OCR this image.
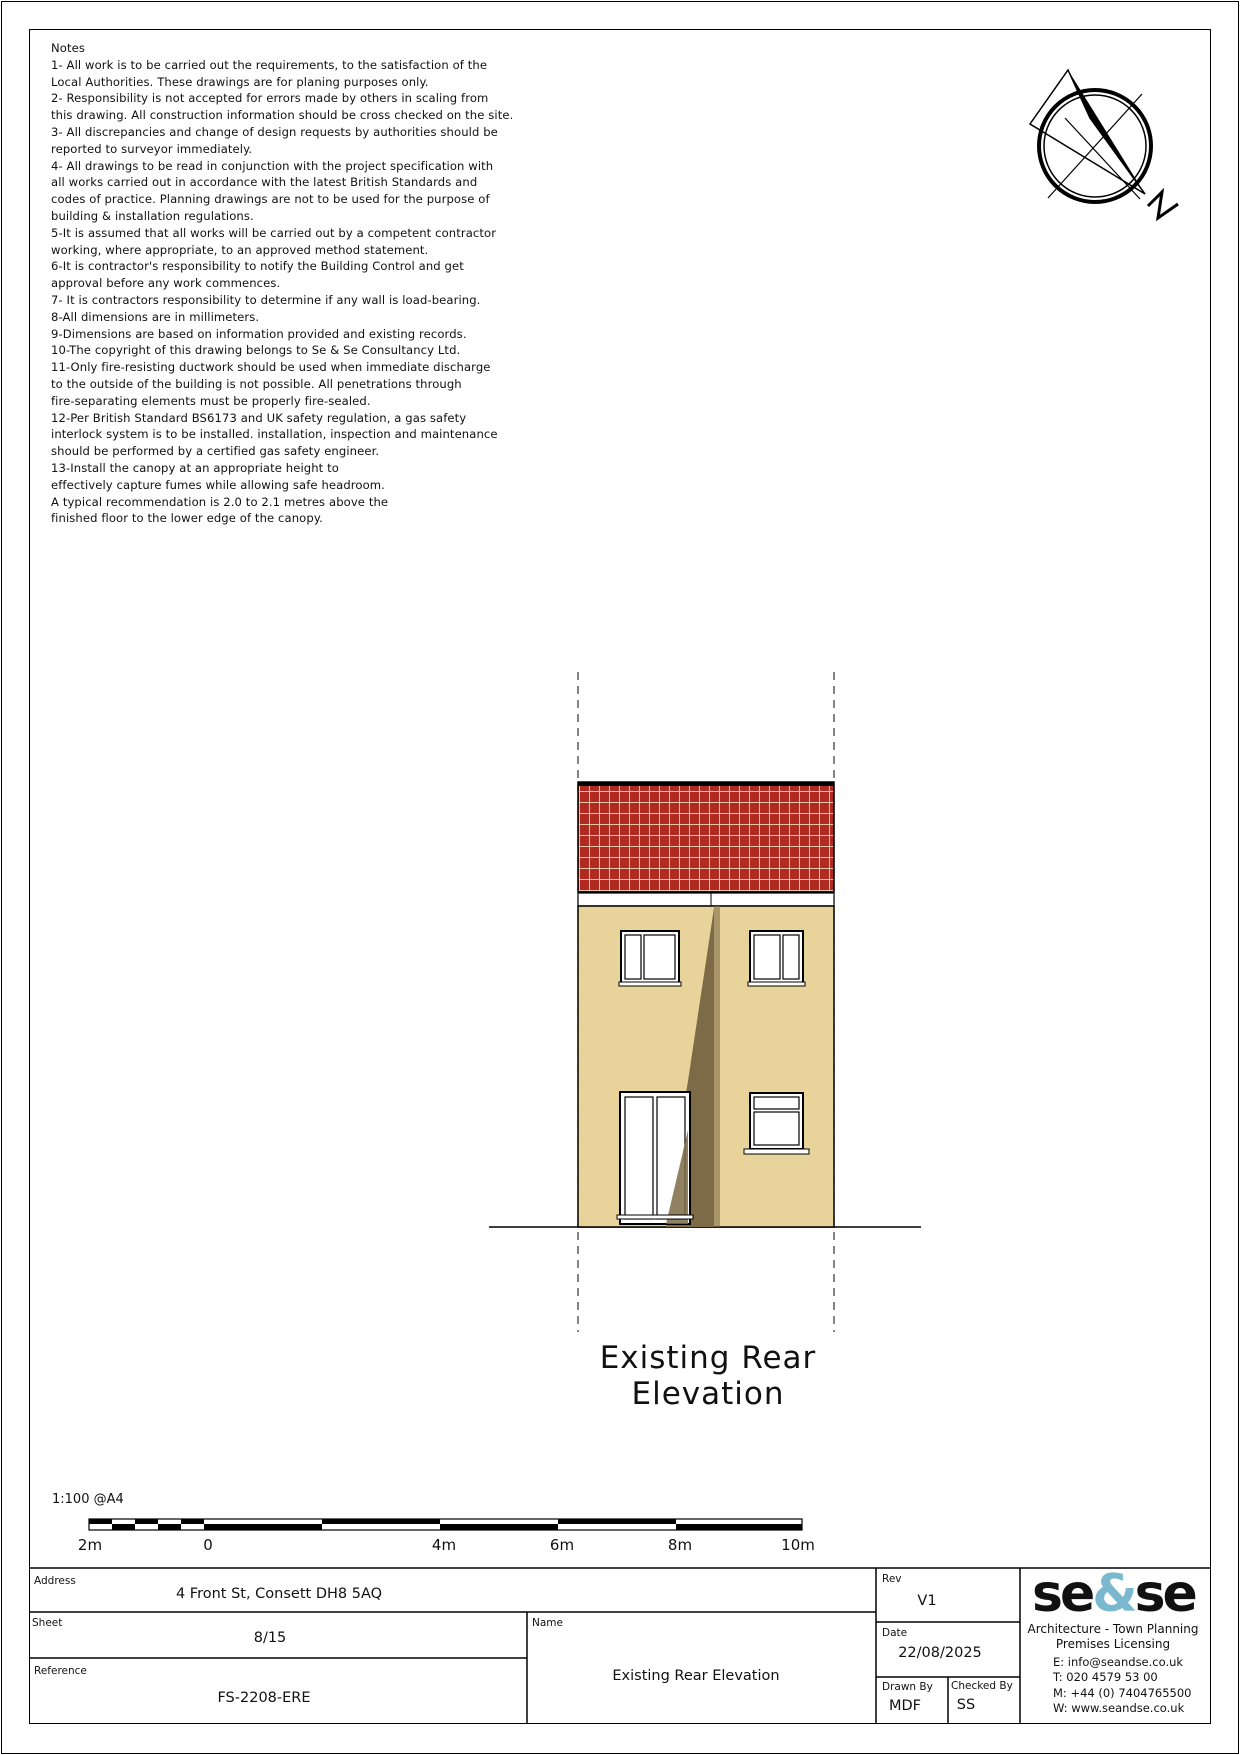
Notes
1- All work is to be carried out the requirements, to the satisfaction of the
Local Authorities. These drawings are for planing purposes only.
2- Responsibility is not accepted for errors made by others in scaling from
this drawing. All construction information should be cross checked on the site.
3- All discrepancies and change of design requests by authorities should be
reported to surveyor immediately.
4- All drawings to be read in conjunction with the project specification with
all works carried out in accordance with the latest British Standards and
codes of practice. Planning drawings are not to be used for the purpose of
building & installation regulations.
5-It is assumed that all works will be carried out by a competent contractor
working, where appropriate, to an approved method statement.
6-It is contractor's responsibility to notify the Building Control and get
approval before any work commences.
7- It is contractors responsibility to determine if any wall is load-bearing.
8-All dimensions are in millimeters.
9-Dimensions are based on information provided and existing records.
10-The copyright of this drawing belongs to Se & Se Consultancy Ltd.
11-Only fire-resisting ductwork should be used when immediate discharge
to the outside of the building is not possible. All penetrations through
fire-separating elements must be properly fire-sealed.
12-Per British Standard BS6173 and UK safety regulation, a gas safety
interlock system is to be installed. installation, inspection and maintenance
should be performed by a certified gas safety engineer.
13-Install the canopy at an appropriate height to
effectively capture fumes while allowing safe headroom.
A typical recommendation is 2.0 to 2.1 metres above the
finished floor to the lower edge of the canopy.
Existing Rear Elevation
1:100 @A4
2m	0	4m	6m	8m	10m
Address
4 Front St, Consett DH8 5AQ
Sheet
8/15
Reference
FS-2208-ERE
Name
Existing Rear Elevation
Rev
V1
Date
22/08/2025
Drawn By
MDF
Checked By
SS
se&se
Architecture - Town Planning
Premises Licensing
E: info@seandse.co.uk
T: 020 4579 53 00
M: +44 (0) 7404765500
W: www.seandse.co.uk
